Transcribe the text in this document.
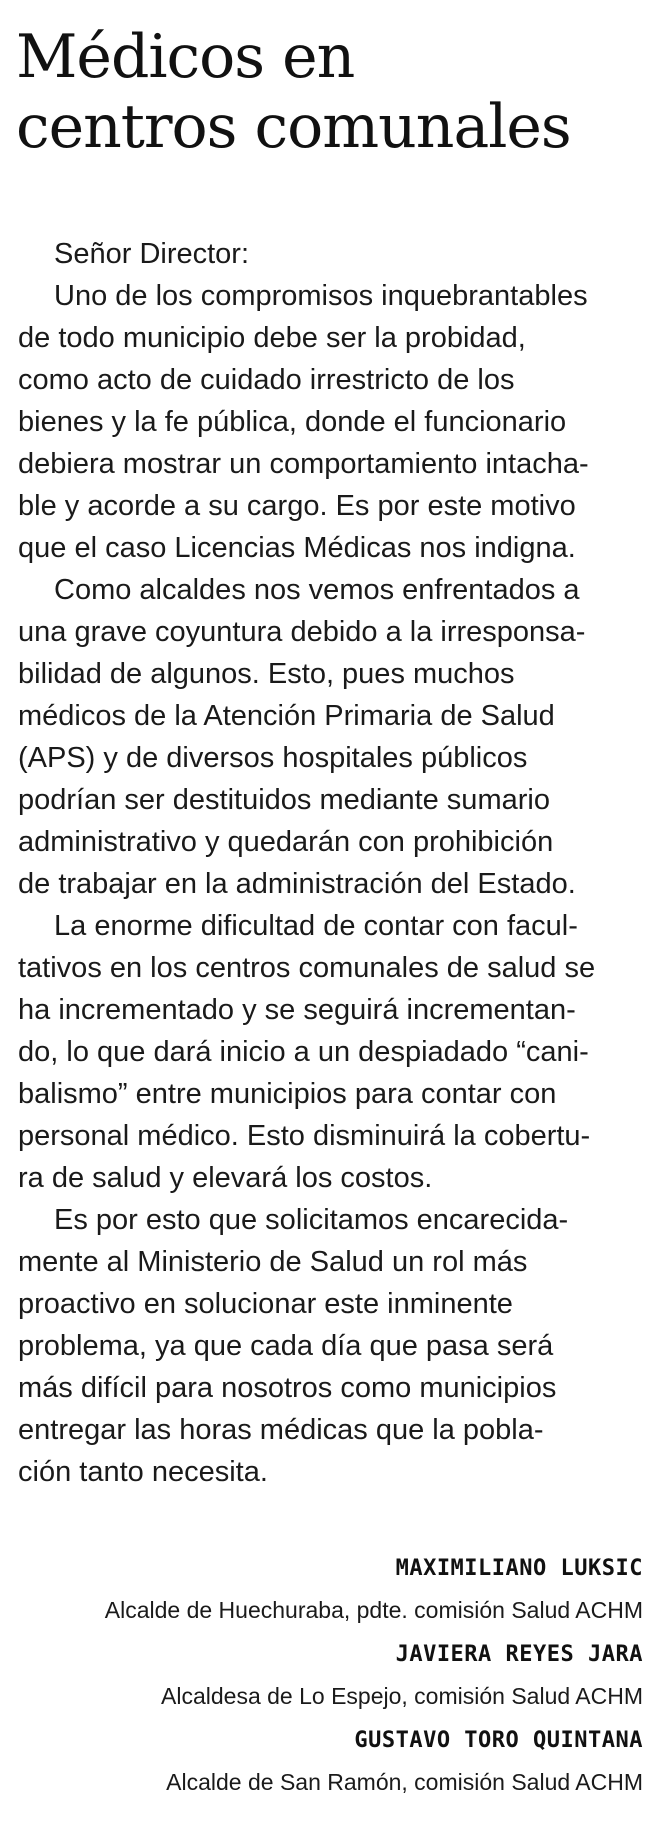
Médicos en
centros comunales
Señor Director:
Uno de los compromisos inquebrantables
de todo municipio debe ser la probidad,
como acto de cuidado irrestricto de los
bienes y la fe pública, donde el funcionario
debiera mostrar un comportamiento intacha-
ble y acorde a su cargo. Es por este motivo
que el caso Licencias Médicas nos indigna.
Como alcaldes nos vemos enfrentados a
una grave coyuntura debido a la irresponsa-
bilidad de algunos. Esto, pues muchos
médicos de la Atención Primaria de Salud
(APS) y de diversos hospitales públicos
podrían ser destituidos mediante sumario
administrativo y quedarán con prohibición
de trabajar en la administración del Estado.
La enorme dificultad de contar con facul-
tativos en los centros comunales de salud se
ha incrementado y se seguirá incrementan-
do, lo que dará inicio a un despiadado “cani-
balismo” entre municipios para contar con
personal médico. Esto disminuirá la cobertu-
ra de salud y elevará los costos.
Es por esto que solicitamos encarecida-
mente al Ministerio de Salud un rol más
proactivo en solucionar este inminente
problema, ya que cada día que pasa será
más difícil para nosotros como municipios
entregar las horas médicas que la pobla-
ción tanto necesita.
MAXIMILIANO LUKSIC
Alcalde de Huechuraba, pdte. comisión Salud ACHM
JAVIERA REYES JARA
Alcaldesa de Lo Espejo, comisión Salud ACHM
GUSTAVO TORO QUINTANA
Alcalde de San Ramón, comisión Salud ACHM
